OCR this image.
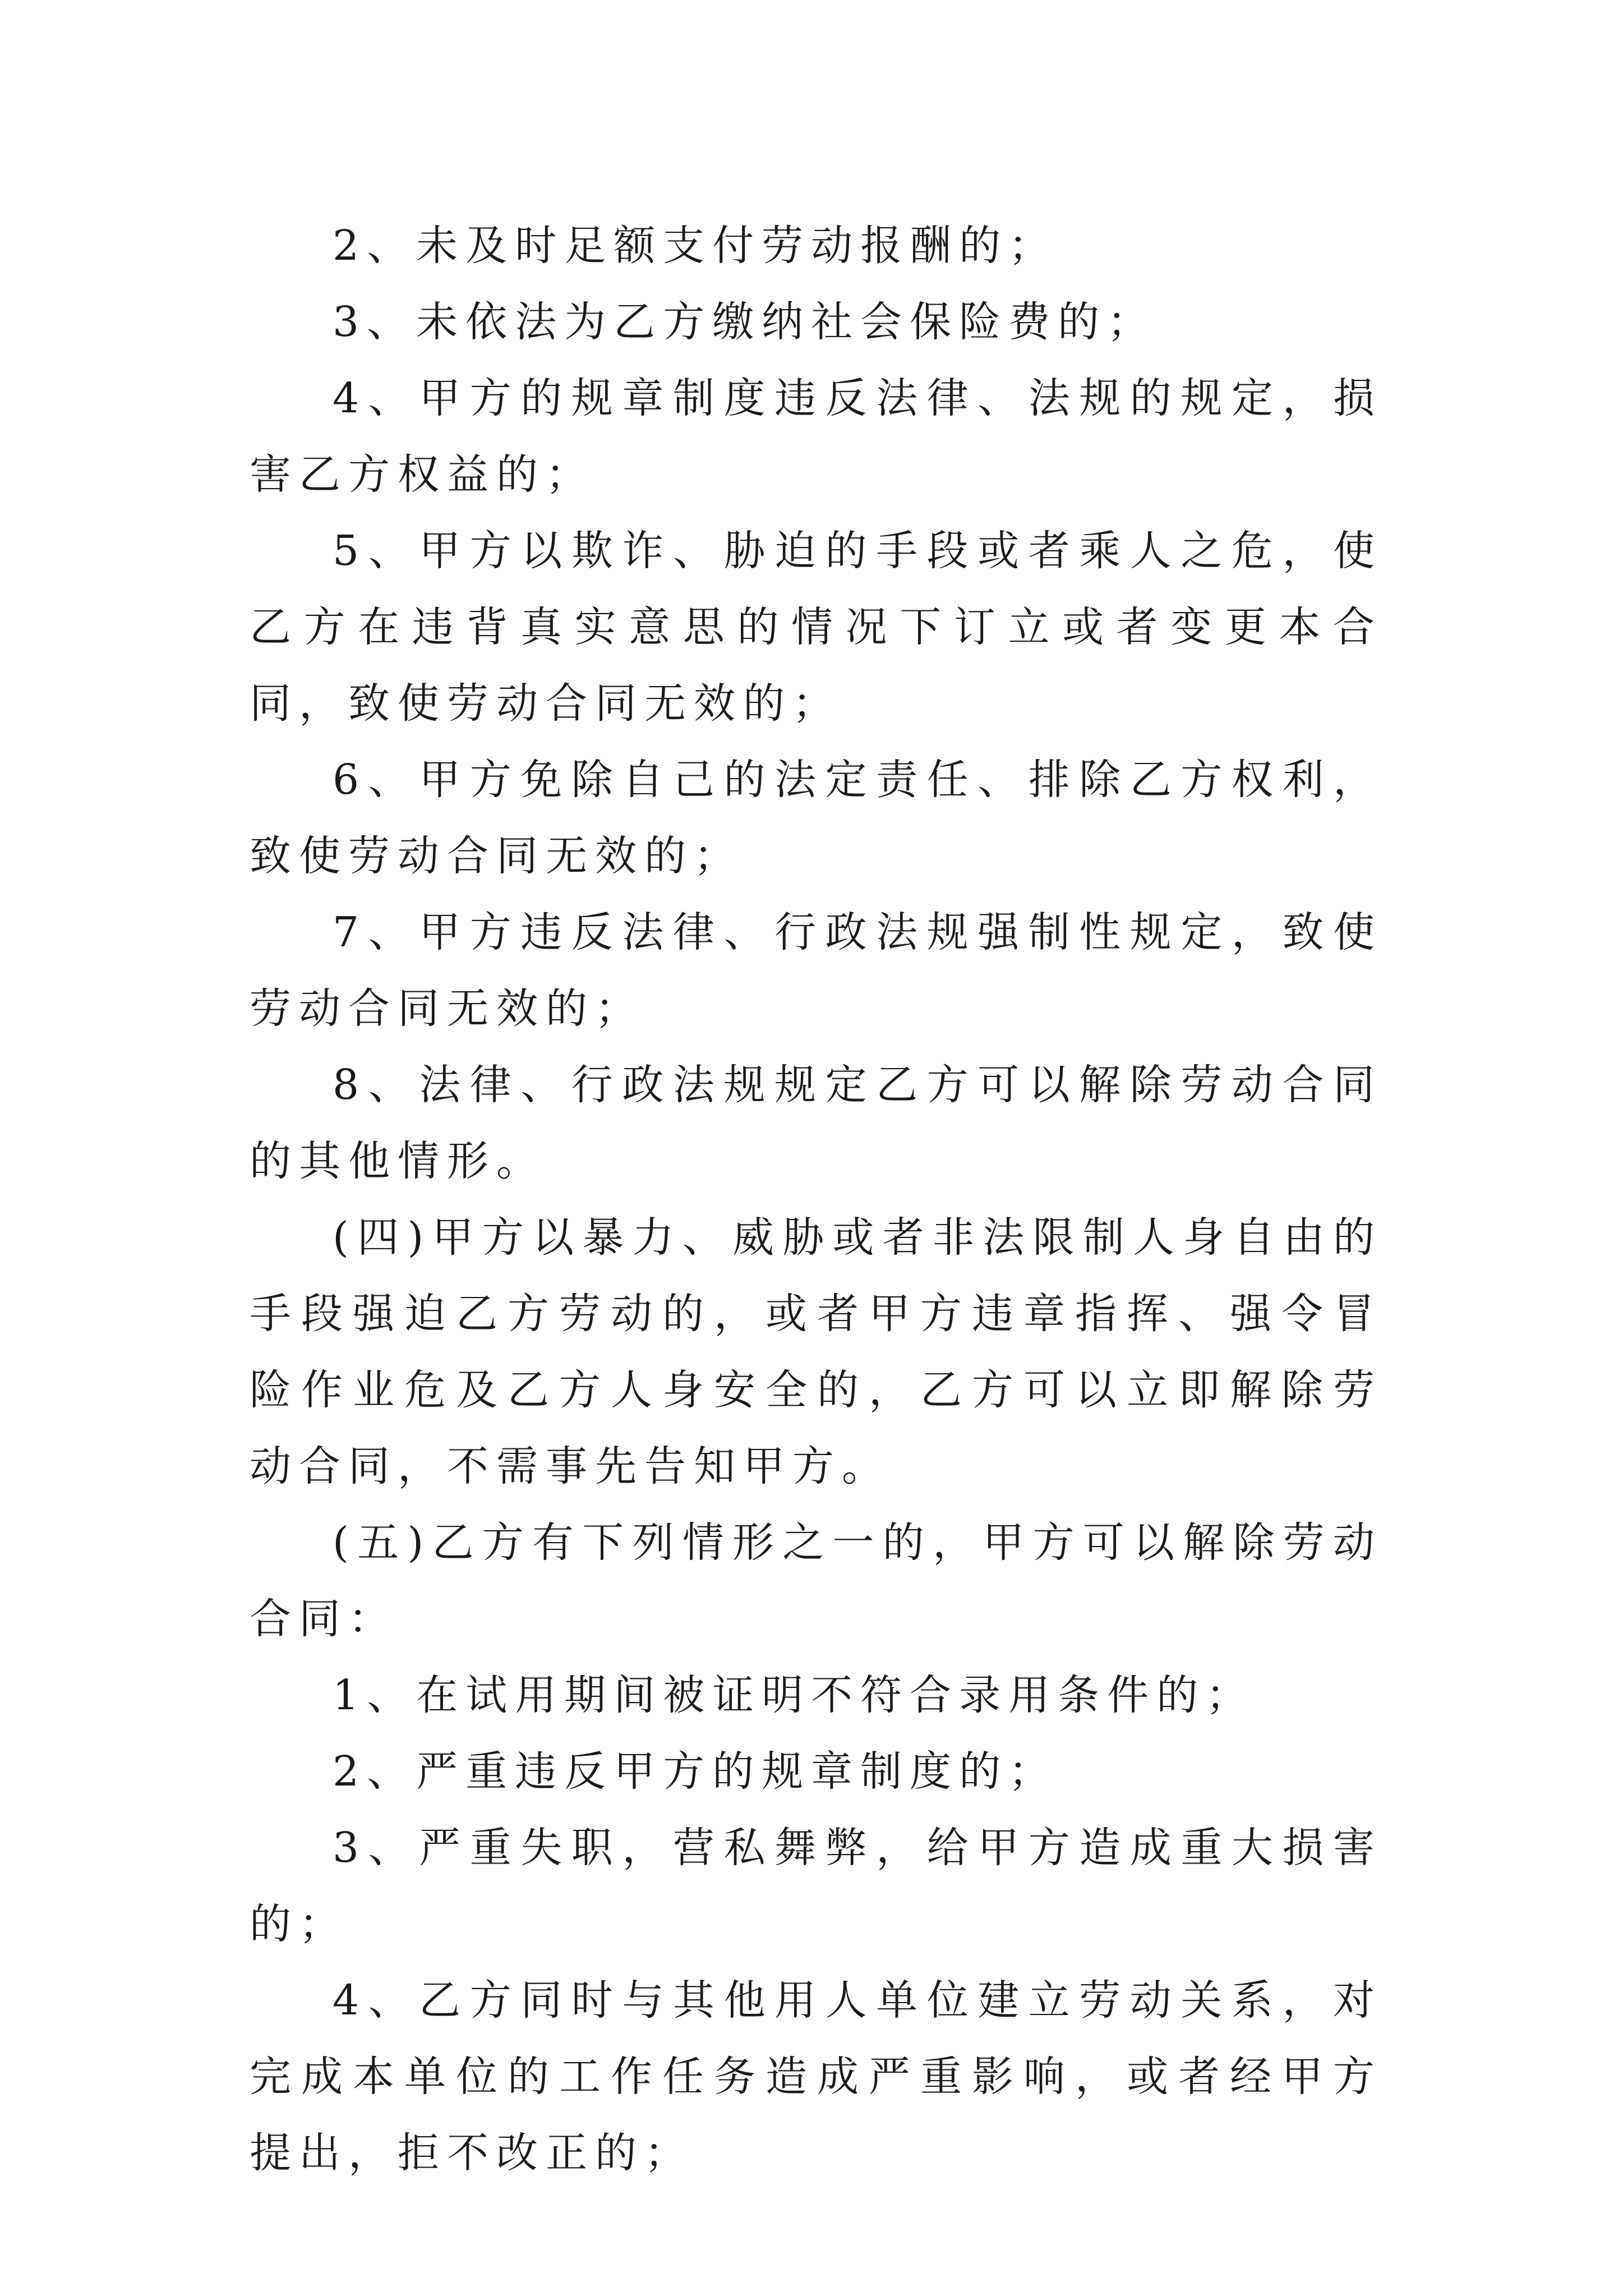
2、未及时足额支付劳动报酬的；

3、未依法为乙方缴纳社会保险费的；

4、甲方的规章制度违反法律、法规的规定，损害乙方权益的；

5、甲方以欺诈、胁迫的手段或者乘人之危，使乙方在违背真实意思的情况下订立或者变更本合同，致使劳动合同无效的；

6、甲方免除自己的法定责任、排除乙方权利，致使劳动合同无效的；

7、甲方违反法律、行政法规强制性规定，致使劳动合同无效的；

8、法律、行政法规规定乙方可以解除劳动合同的其他情形。

(四)甲方以暴力、威胁或者非法限制人身自由的手段强迫乙方劳动的，或者甲方违章指挥、强令冒险作业危及乙方人身安全的，乙方可以立即解除劳动合同，不需事先告知甲方。

(五)乙方有下列情形之一的，甲方可以解除劳动合同：

1、在试用期间被证明不符合录用条件的；

2、严重违反甲方的规章制度的；

3、严重失职，营私舞弊，给甲方造成重大损害的；

4、乙方同时与其他用人单位建立劳动关系，对完成本单位的工作任务造成严重影响，或者经甲方提出，拒不改正的；
